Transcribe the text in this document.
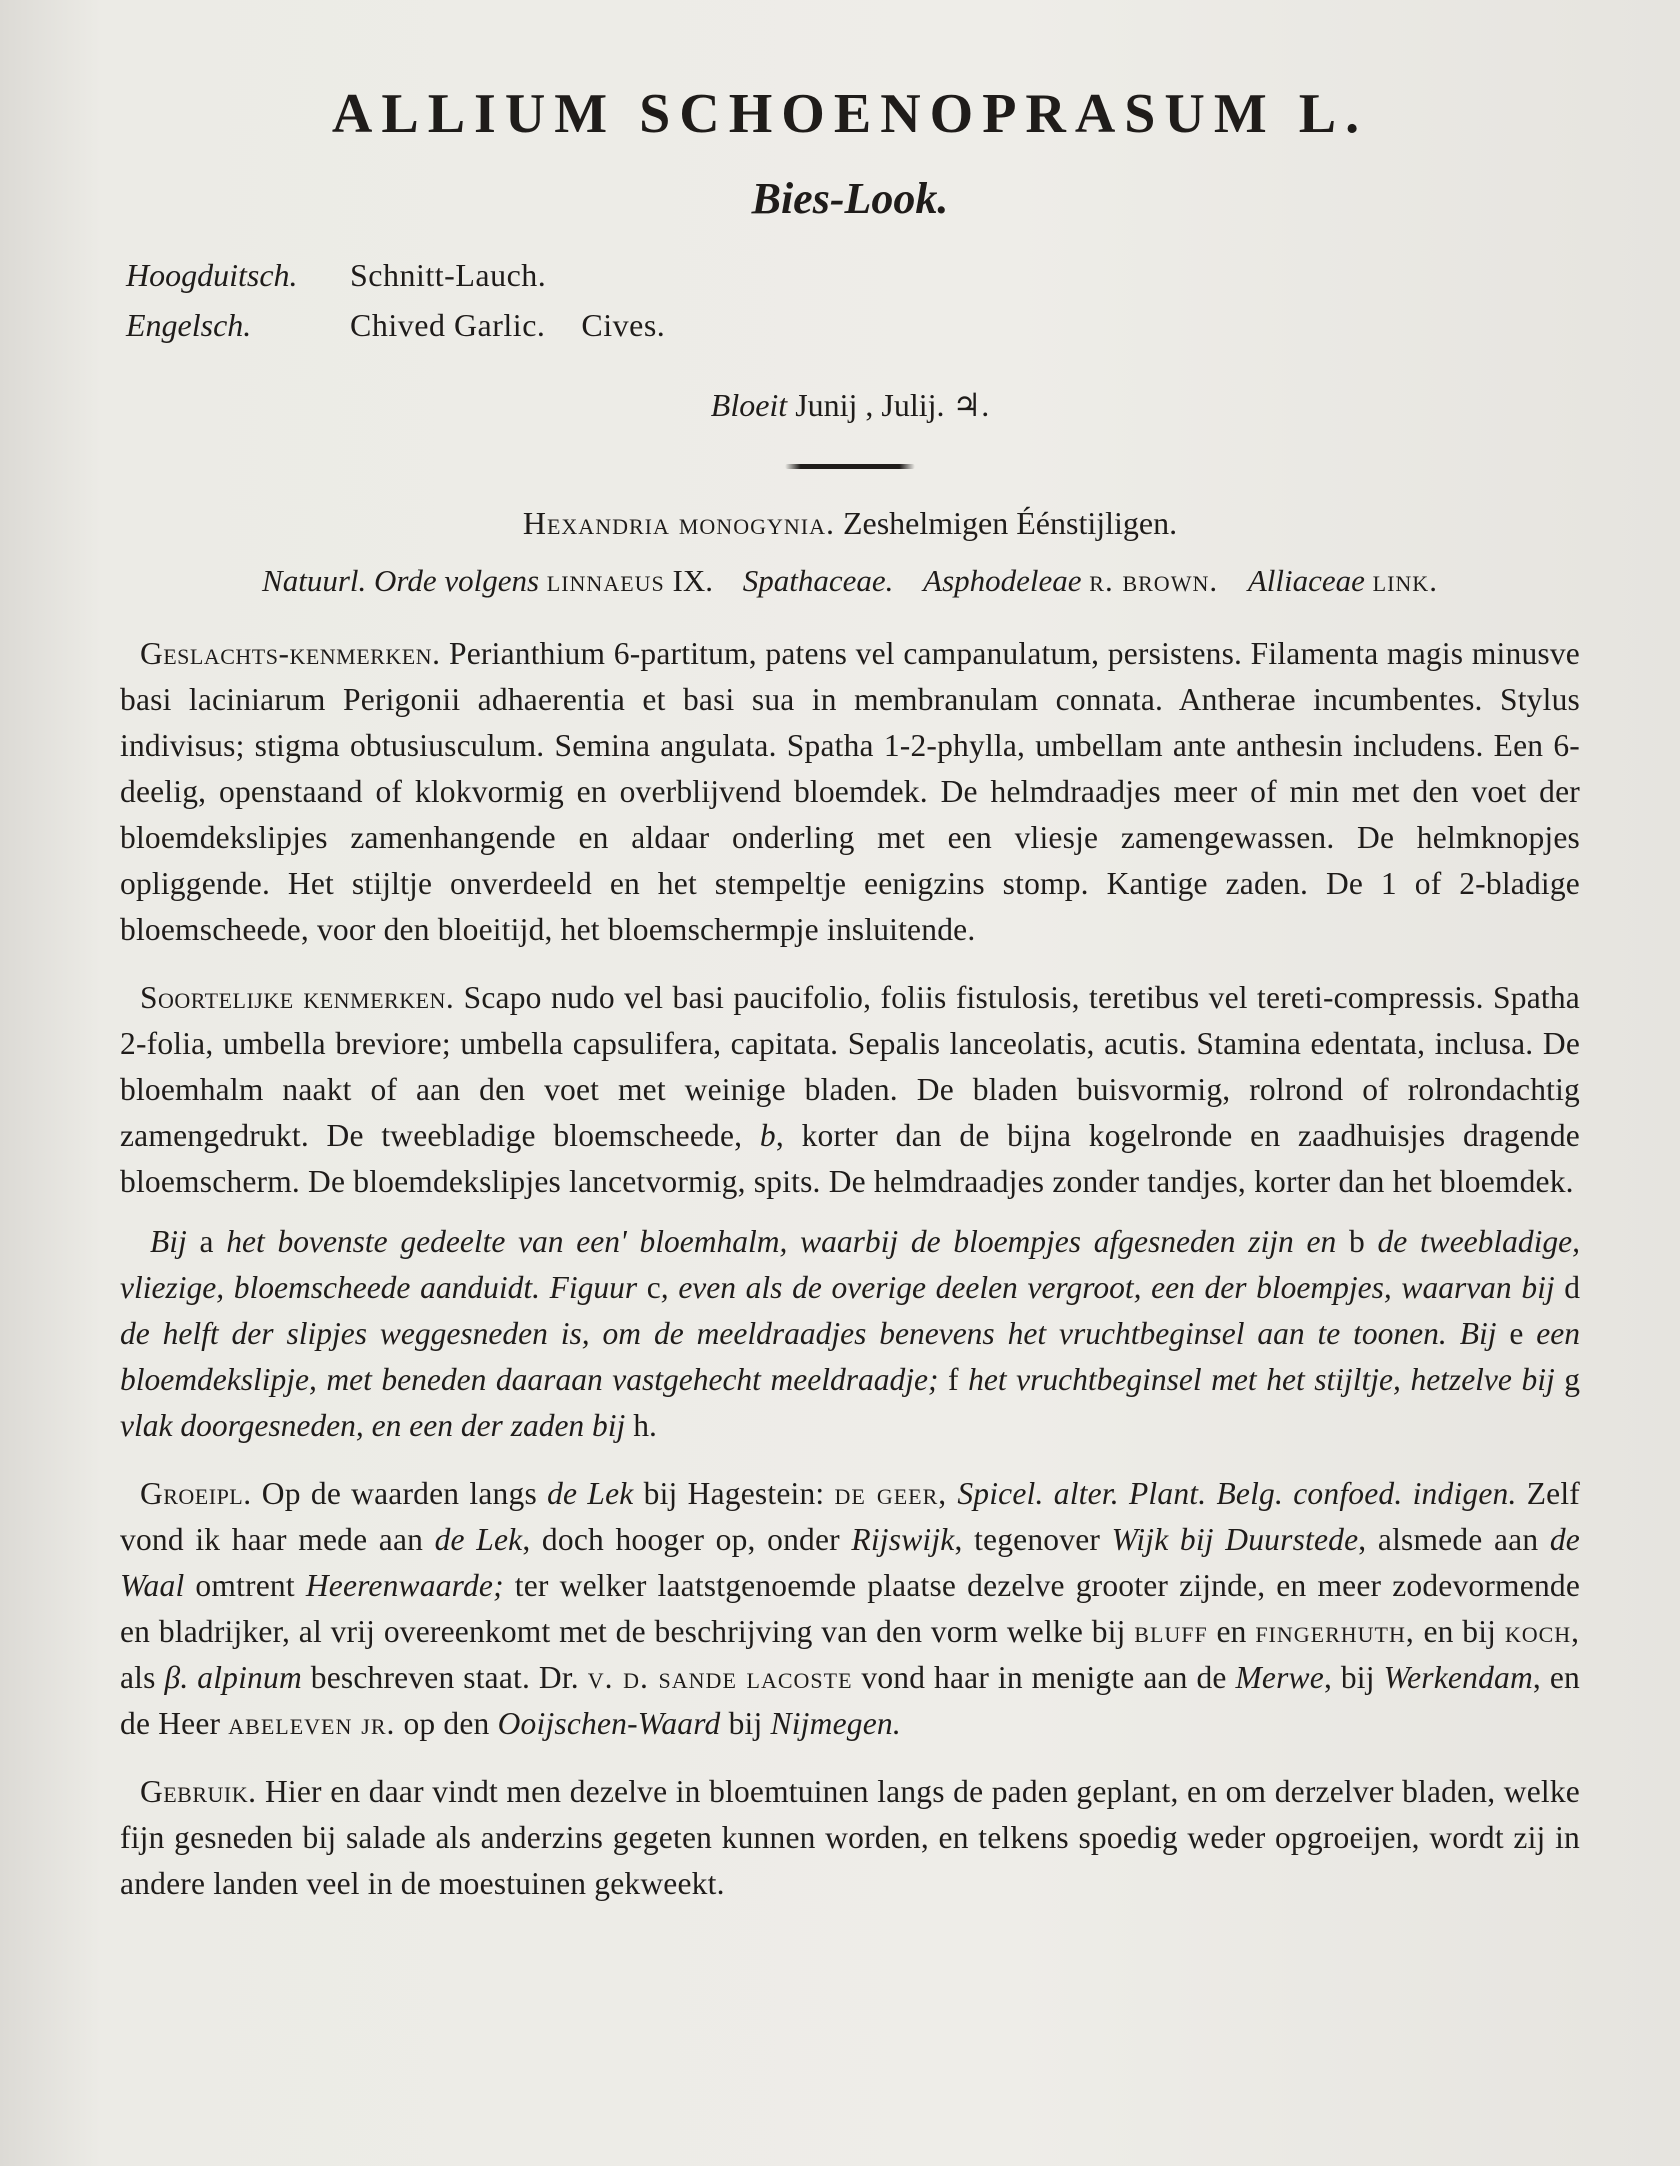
ALLIUM SCHOENOPRASUM L.
Bies-Look.
Hoogduitsch.	Schnitt-Lauch.
Engelsch.	Chived Garlic. Cives.
Bloeit Junij , Julij. ♃.
Hexandria monogynia. Zeshelmigen Éénstijligen.
Natuurl. Orde volgens linnaeus IX. Spathaceae. Asphodeleae r. brown. Alliaceae link.

Geslachts-kenmerken. Perianthium 6-partitum, patens vel campanulatum, persistens. Filamenta magis minusve basi laciniarum Perigonii adhaerentia et basi sua in membranulam connata. Antherae incumbentes. Stylus indivisus; stigma obtusiusculum. Semina angulata. Spatha 1-2-phylla, umbellam ante anthesin includens. Een 6-deelig, openstaand of klokvormig en overblijvend bloemdek. De helmdraadjes meer of min met den voet der bloemdekslipjes zamenhangende en aldaar onderling met een vliesje zamengewassen. De helmknopjes opliggende. Het stijltje onverdeeld en het stempeltje eenigzins stomp. Kantige zaden. De 1 of 2-bladige bloemscheede, voor den bloeitijd, het bloemschermpje insluitende.

Soortelijke kenmerken. Scapo nudo vel basi paucifolio, foliis fistulosis, teretibus vel tereti-compressis. Spatha 2-folia, umbella breviore; umbella capsulifera, capitata. Sepalis lanceolatis, acutis. Stamina edentata, inclusa. De bloemhalm naakt of aan den voet met weinige bladen. De bladen buisvormig, rolrond of rolrondachtig zamengedrukt. De tweebladige bloemscheede, b, korter dan de bijna kogelronde en zaadhuisjes dragende bloemscherm. De bloemdekslipjes lancetvormig, spits. De helmdraadjes zonder tandjes, korter dan het bloemdek.

Bij a het bovenste gedeelte van een' bloemhalm, waarbij de bloempjes afgesneden zijn en b de tweebladige, vliezige, bloemscheede aanduidt. Figuur c, even als de overige deelen vergroot, een der bloempjes, waarvan bij d de helft der slipjes weggesneden is, om de meeldraadjes benevens het vruchtbeginsel aan te toonen. Bij e een bloemdekslipje, met beneden daaraan vastgehecht meeldraadje; f het vruchtbeginsel met het stijltje, hetzelve bij g vlak doorgesneden, en een der zaden bij h.

Groeipl. Op de waarden langs de Lek bij Hagestein: de geer, Spicel. alter. Plant. Belg. confoed. indigen. Zelf vond ik haar mede aan de Lek, doch hooger op, onder Rijswijk, tegenover Wijk bij Duurstede, alsmede aan de Waal omtrent Heerenwaarde; ter welker laatstgenoemde plaatse dezelve grooter zijnde, en meer zodevormende en bladrijker, al vrij overeenkomt met de beschrijving van den vorm welke bij bluff en fingerhuth, en bij koch, als β. alpinum beschreven staat. Dr. v. d. sande lacoste vond haar in menigte aan de Merwe, bij Werkendam, en de Heer abeleven jr. op den Ooijschen-Waard bij Nijmegen.

Gebruik. Hier en daar vindt men dezelve in bloemtuinen langs de paden geplant, en om derzelver bladen, welke fijn gesneden bij salade als anderzins gegeten kunnen worden, en telkens spoedig weder opgroeijen, wordt zij in andere landen veel in de moestuinen gekweekt.
